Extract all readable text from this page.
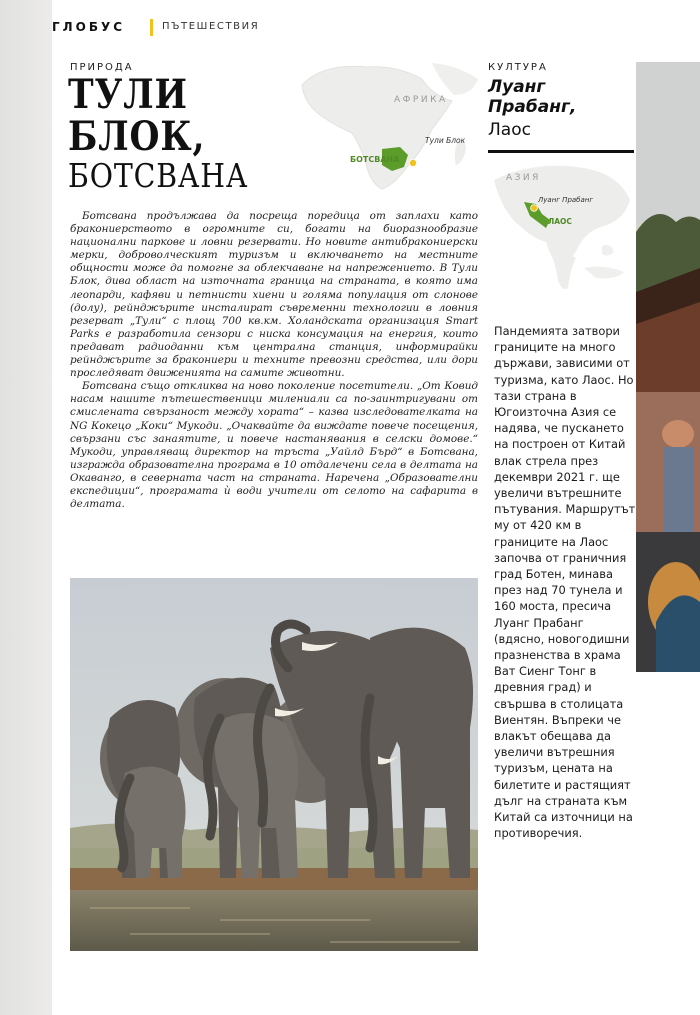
ГЛОБУС	ПЪТЕШЕСТВИЯ
ПРИРОДА
ТУЛИ
БЛОК,
БОТСВАНА
АФРИКА
Тули Блок
БОТСВАНА

Ботсвана продължава да посреща поредица от заплахи като бракониерството в огромните си, богати на биоразнообразие национални паркове и ловни резервати. Но новите антибракониерски мерки, доброволческият туризъм и включването на местните общности може да помогне за облекчаване на напрежението. В Тули Блок, дива област на източната граница на страната, в която има леопарди, кафяви и петнисти хиени и голяма популация от слонове (долу), рейнджърите инсталират съвременни технологии в ловния резерват „Тули“ с площ 700 кв.км. Холандската организация Smart Parks е разработила сензори с ниска консумация на енергия, които предават радиоданни към централна станция, информирайки рейнджърите за бракониери и техните превозни средства, или дори проследяват движенията на самите животни.

Ботсвана също откликва на ново поколение посетители. „От Ковид насам нашите пътешественици милениали са по-заинтригувани от смислената свързаност между хората“ – казва изследователката на NG Кокецо „Коки“ Мукоди. „Очаквайте да виждате повече посещения, свързани със занаятите, и повече настанявания в селски домове.“ Мукоди, управляващ директор на тръста „Уайлд Бърд“ в Ботсвана, изгражда образователна програма в 10 отдалечени села в делтата на Окаванго, в северната част на страната. Наречена „Образователни експедиции“, програмата ѝ води учители от селото на сафарита в делтата.

КУЛТУРА
Луанг
Прабанг,
Лаос
АЗИЯ
Луанг Прабанг
ЛАОС
Пандемията затвори границите на много държави, зависими от туризма, като Лаос. Но тази страна в Югоизточна Азия се надява, че пускането на построен от Китай влак стрела през декември 2021 г. ще увеличи вътрешните пътувания. Маршрутът му от 420 км в границите на Лаос започва от граничния град Ботен, минава през над 70 тунела и 160 моста, пресича Луанг Прабанг (вдясно, новогодишни празненства в храма Ват Сиенг Тонг в древния град) и свършва в столицата Виентян. Въпреки че влакът обещава да увеличи вътрешния туризъм, цената на билетите и растящият дълг на страната към Китай са източници на противоречия.
